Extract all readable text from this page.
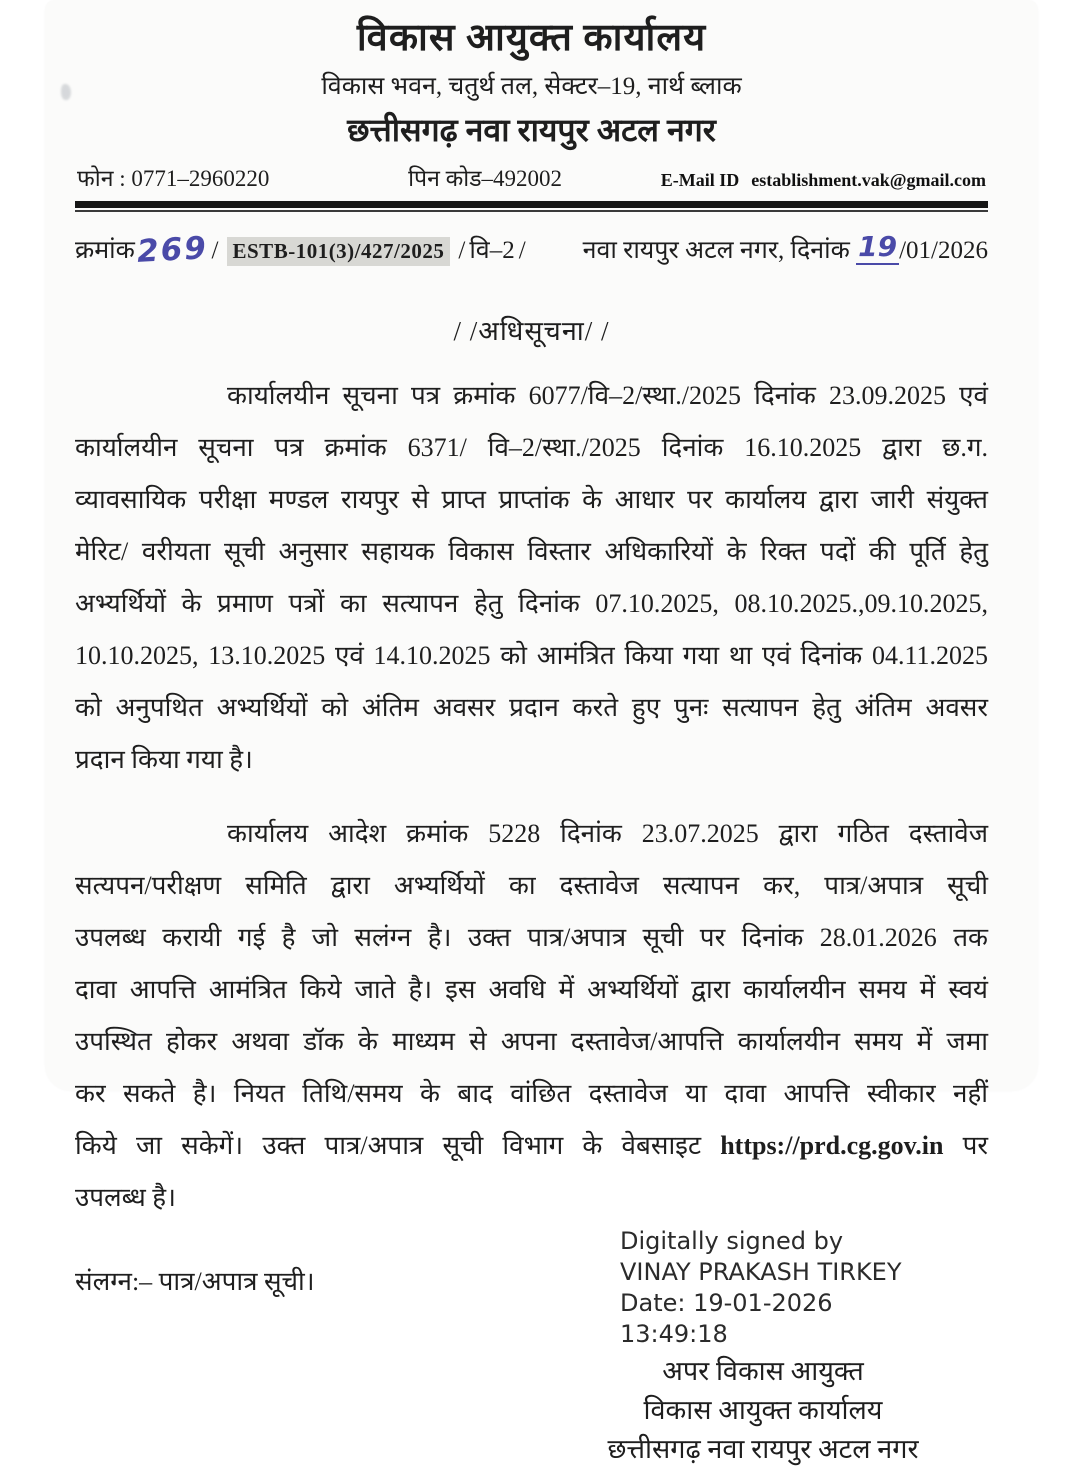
विकास आयुक्त कार्यालय
विकास भवन, चतुर्थ तल, सेक्टर–19, नार्थ ब्लाक
छत्तीसगढ़ नवा रायपुर अटल नगर
फोन : 0771–2960220	पिन कोड–492002	E-Mail ID establishment.vak@gmail.com
क्रमांक 269 / ESTB-101(3)/427/2025 / वि–2 / नवा रायपुर अटल नगर, दिनांक
19 /01/2026
/ /अधिसूचना/ /
कार्यालयीन सूचना पत्र क्रमांक 6077/वि–2/स्था./2025 दिनांक 23.09.2025 एवं
कार्यालयीन सूचना पत्र क्रमांक 6371/ वि–2/स्था./2025 दिनांक 16.10.2025 द्वारा छ.ग.
व्यावसायिक परीक्षा मण्डल रायपुर से प्राप्त प्राप्तांक के आधार पर कार्यालय द्वारा जारी संयुक्त
मेरिट/ वरीयता सूची अनुसार सहायक विकास विस्तार अधिकारियों के रिक्त पदों की पूर्ति हेतु
अभ्यर्थियों के प्रमाण पत्रों का सत्यापन हेतु दिनांक 07.10.2025, 08.10.2025.,09.10.2025,
10.10.2025, 13.10.2025 एवं 14.10.2025 को आमंत्रित किया गया था एवं दिनांक 04.11.2025
को अनुपथित अभ्यर्थियों को अंतिम अवसर प्रदान करते हुए पुनः सत्यापन हेतु अंतिम अवसर
प्रदान किया गया है।
कार्यालय आदेश क्रमांक 5228 दिनांक 23.07.2025 द्वारा गठित दस्तावेज
सत्यपन/परीक्षण समिति द्वारा अभ्यर्थियों का दस्तावेज सत्यापन कर, पात्र/अपात्र सूची
उपलब्ध करायी गई है जो सलंग्न है। उक्त पात्र/अपात्र सूची पर दिनांक 28.01.2026 तक
दावा आपत्ति आमंत्रित किये जाते है। इस अवधि में अभ्यर्थियों द्वारा कार्यालयीन समय में स्वयं
उपस्थित होकर अथवा डॉक के माध्यम से अपना दस्तावेज/आपत्ति कार्यालयीन समय में जमा
कर सकते है। नियत तिथि/समय के बाद वांछित दस्तावेज या दावा आपत्ति स्वीकार नहीं
किये जा सकेगें। उक्त पात्र/अपात्र सूची विभाग के वेबसाइट https://prd.cg.gov.in पर
उपलब्ध है।
संलग्न:– पात्र/अपात्र सूची।
Digitally signed by
VINAY PRAKASH TIRKEY
Date: 19-01-2026
13:49:18
अपर विकास आयुक्त
विकास आयुक्त कार्यालय
छत्तीसगढ़ नवा रायपुर अटल नगर
